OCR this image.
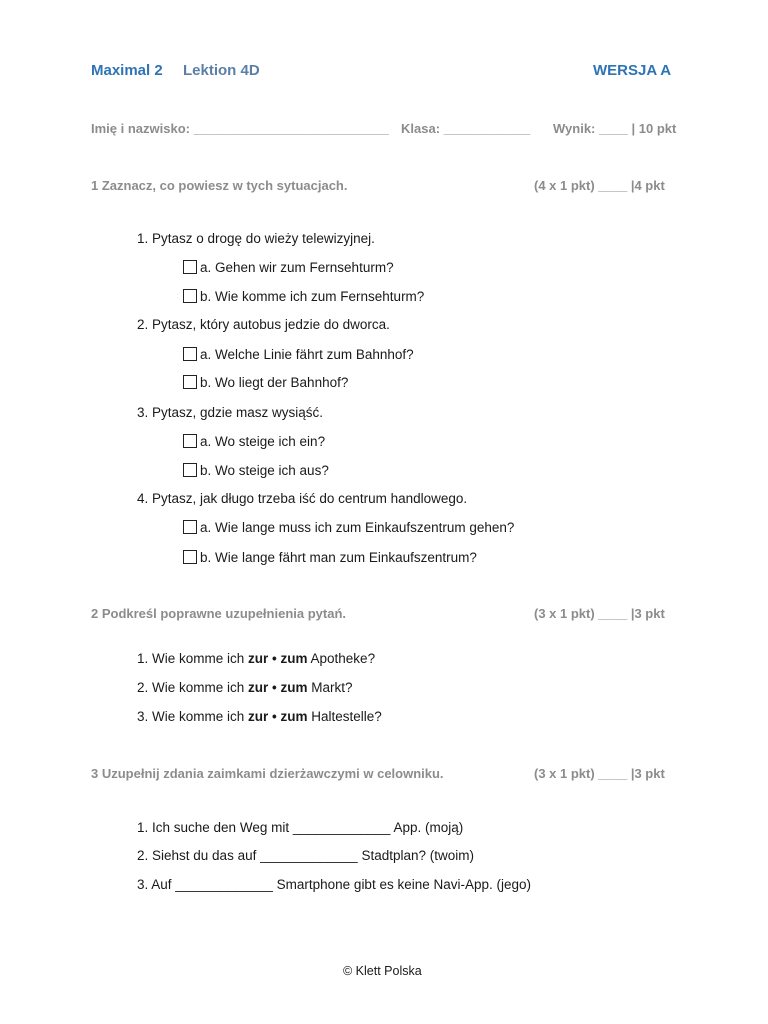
Maximal 2 Lektion 4D	WERSJA A
Imię i nazwisko: ___________________________ Klasa: ____________ Wynik: ____ | 10 pkt
1 Zaznacz, co powiesz w tych sytuacjach.	(4 x 1 pkt) ____ |4 pkt
1. Pytasz o drogę do wieży telewizyjnej.
a. Gehen wir zum Fernsehturm?
b. Wie komme ich zum Fernsehturm?
2. Pytasz, który autobus jedzie do dworca.
a. Welche Linie fährt zum Bahnhof?
b. Wo liegt der Bahnhof?
3. Pytasz, gdzie masz wysiąść.
a. Wo steige ich ein?
b. Wo steige ich aus?
4. Pytasz, jak długo trzeba iść do centrum handlowego.
a. Wie lange muss ich zum Einkaufszentrum gehen?
b. Wie lange fährt man zum Einkaufszentrum?
2 Podkreśl poprawne uzupełnienia pytań.	(3 x 1 pkt) ____ |3 pkt
1. Wie komme ich zur • zum Apotheke?
2. Wie komme ich zur • zum Markt?
3. Wie komme ich zur • zum Haltestelle?
3 Uzupełnij zdania zaimkami dzierżawczymi w celowniku.	(3 x 1 pkt) ____ |3 pkt
1. Ich suche den Weg mit _____________ App. (moją)
2. Siehst du das auf _____________ Stadtplan? (twoim)
3. Auf _____________ Smartphone gibt es keine Navi-App. (jego)
© Klett Polska
